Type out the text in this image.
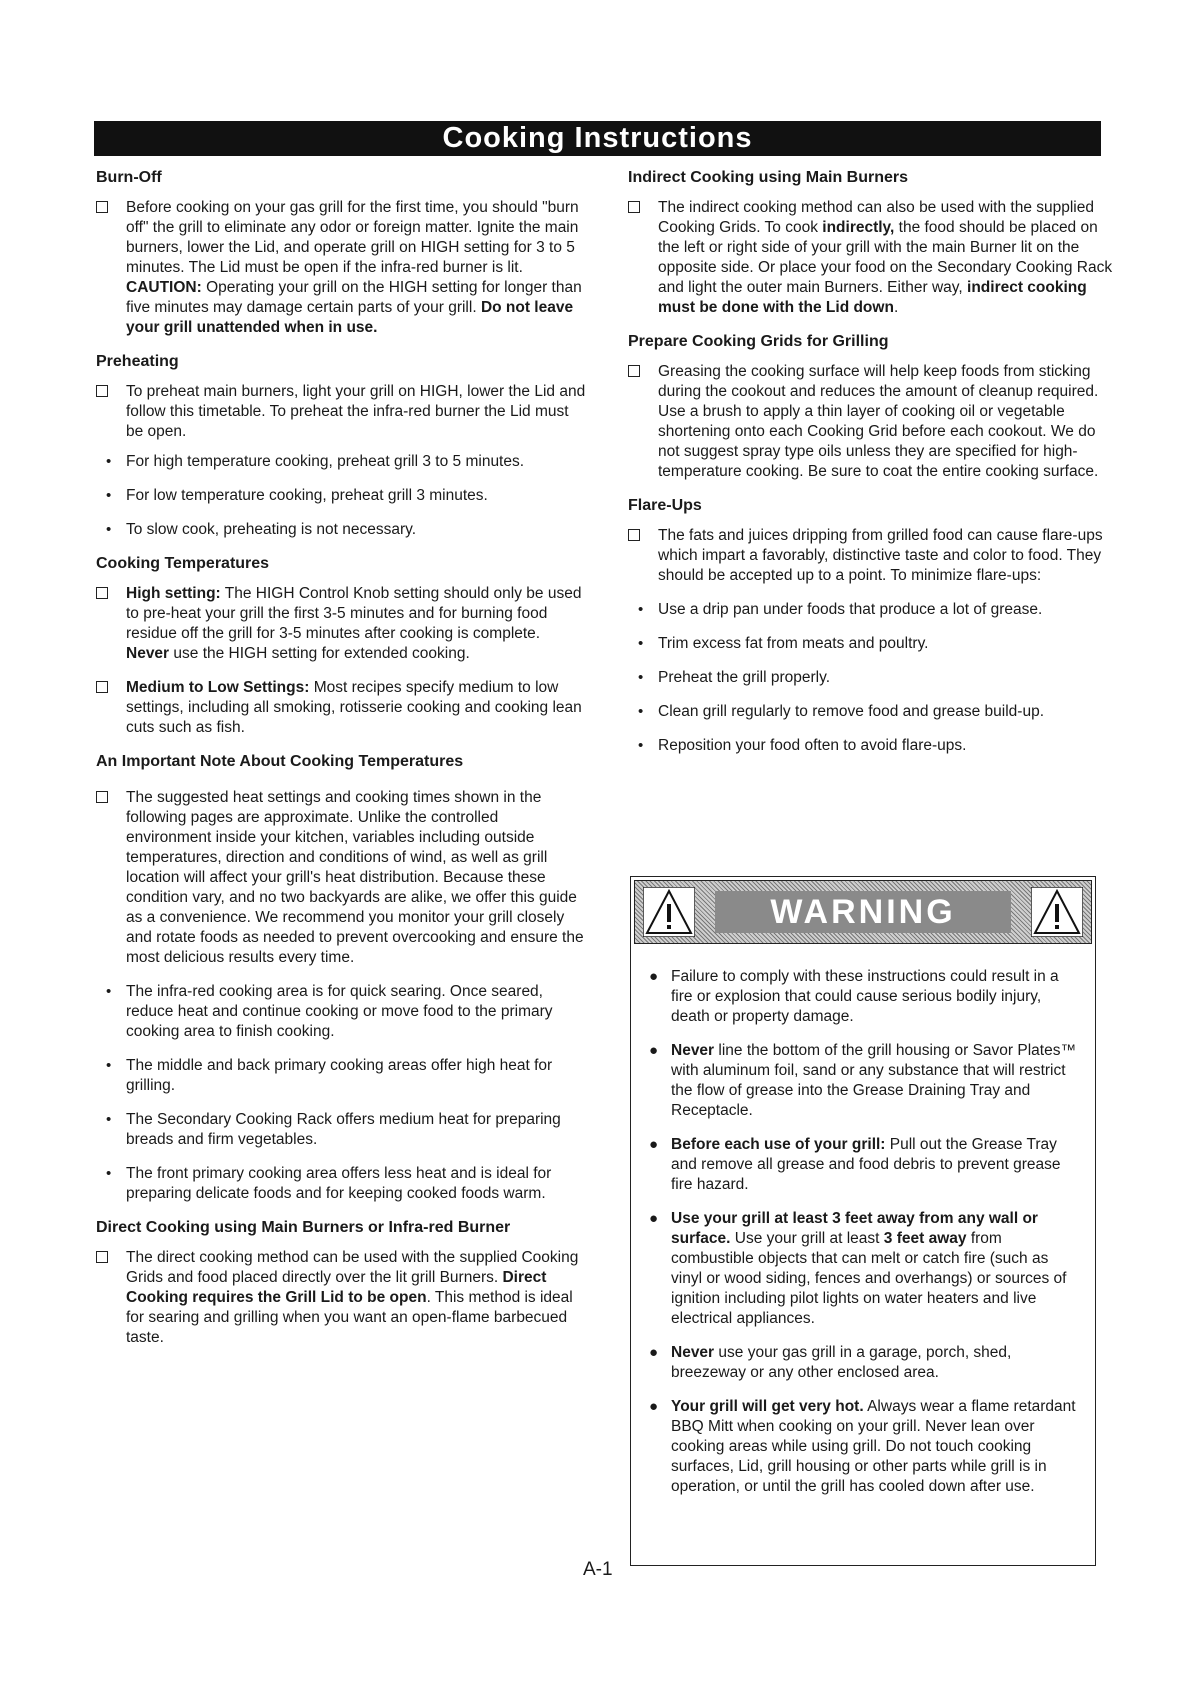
Cooking Instructions
Burn-Off
Before cooking on your gas grill for the first time, you should "burn off" the grill to eliminate any odor or foreign matter. Ignite the main burners, lower the Lid, and operate grill on HIGH setting for 3 to 5 minutes. The Lid must be open if the infra-red burner is lit. CAUTION: Operating your grill on the HIGH setting for longer than five minutes may damage certain parts of your grill. Do not leave your grill unattended when in use.
Preheating
To preheat main burners, light your grill on HIGH, lower the Lid and follow this timetable. To preheat the infra-red burner the Lid must be open.
• For high temperature cooking, preheat grill 3 to 5 minutes.
• For low temperature cooking, preheat grill 3 minutes.
• To slow cook, preheating is not necessary.
Cooking Temperatures
High setting: The HIGH Control Knob setting should only be used to pre-heat your grill the first 3-5 minutes and for burning food residue off the grill for 3-5 minutes after cooking is complete. Never use the HIGH setting for extended cooking.
Medium to Low Settings: Most recipes specify medium to low settings, including all smoking, rotisserie cooking and cooking lean cuts such as fish.
An Important Note About Cooking Temperatures
The suggested heat settings and cooking times shown in the following pages are approximate. Unlike the controlled environment inside your kitchen, variables including outside temperatures, direction and conditions of wind, as well as grill location will affect your grill's heat distribution. Because these condition vary, and no two backyards are alike, we offer this guide as a convenience. We recommend you monitor your grill closely and rotate foods as needed to prevent overcooking and ensure the most delicious results every time.
• The infra-red cooking area is for quick searing. Once seared, reduce heat and continue cooking or move food to the primary cooking area to finish cooking.
• The middle and back primary cooking areas offer high heat for grilling.
• The Secondary Cooking Rack offers medium heat for preparing breads and firm vegetables.
• The front primary cooking area offers less heat and is ideal for preparing delicate foods and for keeping cooked foods warm.
Direct Cooking using Main Burners or Infra-red Burner
The direct cooking method can be used with the supplied Cooking Grids and food placed directly over the lit grill Burners. Direct Cooking requires the Grill Lid to be open. This method is ideal for searing and grilling when you want an open-flame barbecued taste.
Indirect Cooking using Main Burners
The indirect cooking method can also be used with the supplied Cooking Grids. To cook indirectly, the food should be placed on the left or right side of your grill with the main Burner lit on the opposite side. Or place your food on the Secondary Cooking Rack and light the outer main Burners. Either way, indirect cooking must be done with the Lid down.
Prepare Cooking Grids for Grilling
Greasing the cooking surface will help keep foods from sticking during the cookout and reduces the amount of cleanup required. Use a brush to apply a thin layer of cooking oil or vegetable shortening onto each Cooking Grid before each cookout. We do not suggest spray type oils unless they are specified for high-temperature cooking. Be sure to coat the entire cooking surface.
Flare-Ups
The fats and juices dripping from grilled food can cause flare-ups which impart a favorably, distinctive taste and color to food. They should be accepted up to a point. To minimize flare-ups:
• Use a drip pan under foods that produce a lot of grease.
• Trim excess fat from meats and poultry.
• Preheat the grill properly.
• Clean grill regularly to remove food and grease build-up.
• Reposition your food often to avoid flare-ups.
WARNING
● Failure to comply with these instructions could result in a fire or explosion that could cause serious bodily injury, death or property damage.
● Never line the bottom of the grill housing or Savor Plates™ with aluminum foil, sand or any substance that will restrict the flow of grease into the Grease Draining Tray and Receptacle.
● Before each use of your grill: Pull out the Grease Tray and remove all grease and food debris to prevent grease fire hazard.
● Use your grill at least 3 feet away from any wall or surface. Use your grill at least 3 feet away from combustible objects that can melt or catch fire (such as vinyl or wood siding, fences and overhangs) or sources of ignition including pilot lights on water heaters and live electrical appliances.
● Never use your gas grill in a garage, porch, shed, breezeway or any other enclosed area.
● Your grill will get very hot. Always wear a flame retardant BBQ Mitt when cooking on your grill. Never lean over cooking areas while using grill. Do not touch cooking surfaces, Lid, grill housing or other parts while grill is in operation, or until the grill has cooled down after use.
A-1
